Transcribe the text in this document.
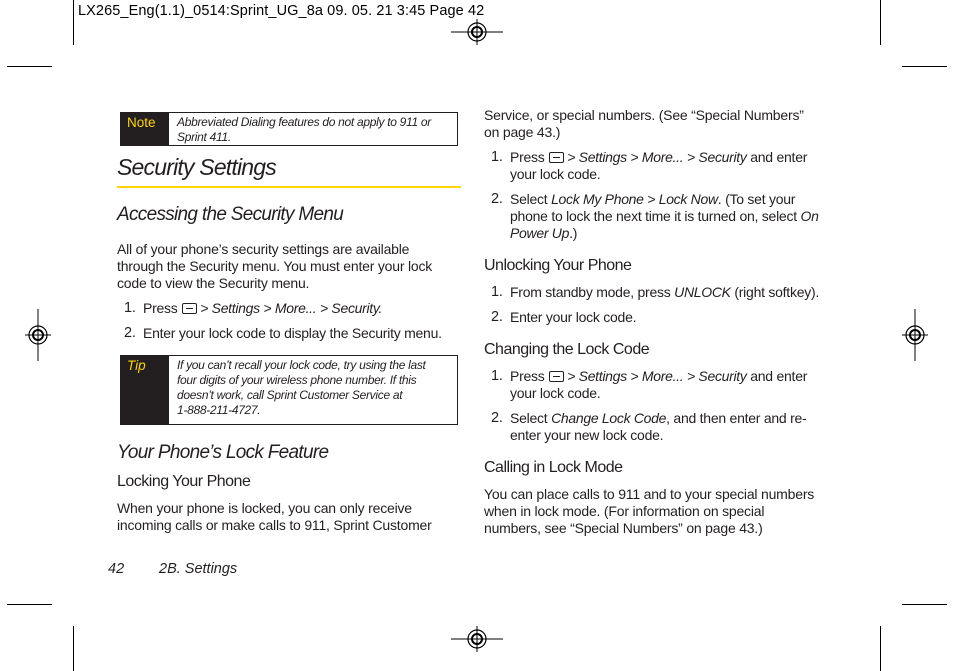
LX265_Eng(1.1)_0514:Sprint_UG_8a 09. 05. 21 3:45 Page 42
Note	Abbreviated Dialing features do not apply to 911 or
Sprint 411.
Security Settings
Accessing the Security Menu
All of your phone’s security settings are available
through the Security menu. You must enter your lock
code to view the Security menu.
1. Press > Settings > More... > Security.
2. Enter your lock code to display the Security menu.
Tip	If you can’t recall your lock code, try using the last
four digits of your wireless phone number. If this
doesn’t work, call Sprint Customer Service at
1-888-211-4727.
Your Phone’s Lock Feature
Locking Your Phone
When your phone is locked, you can only receive
incoming calls or make calls to 911, Sprint Customer
Service, or special numbers. (See “Special Numbers”
on page 43.)
1. Press > Settings > More... > Security and enter
your lock code.
2. Select Lock My Phone > Lock Now. (To set your
phone to lock the next time it is turned on, select On
Power Up.)
Unlocking Your Phone
1. From standby mode, press UNLOCK (right softkey).
2. Enter your lock code.
Changing the Lock Code
1. Press > Settings > More... > Security and enter
your lock code.
2. Select Change Lock Code, and then enter and re-
enter your new lock code.
Calling in Lock Mode
You can place calls to 911 and to your special numbers
when in lock mode. (For information on special
numbers, see “Special Numbers” on page 43.)
42 2B. Settings
